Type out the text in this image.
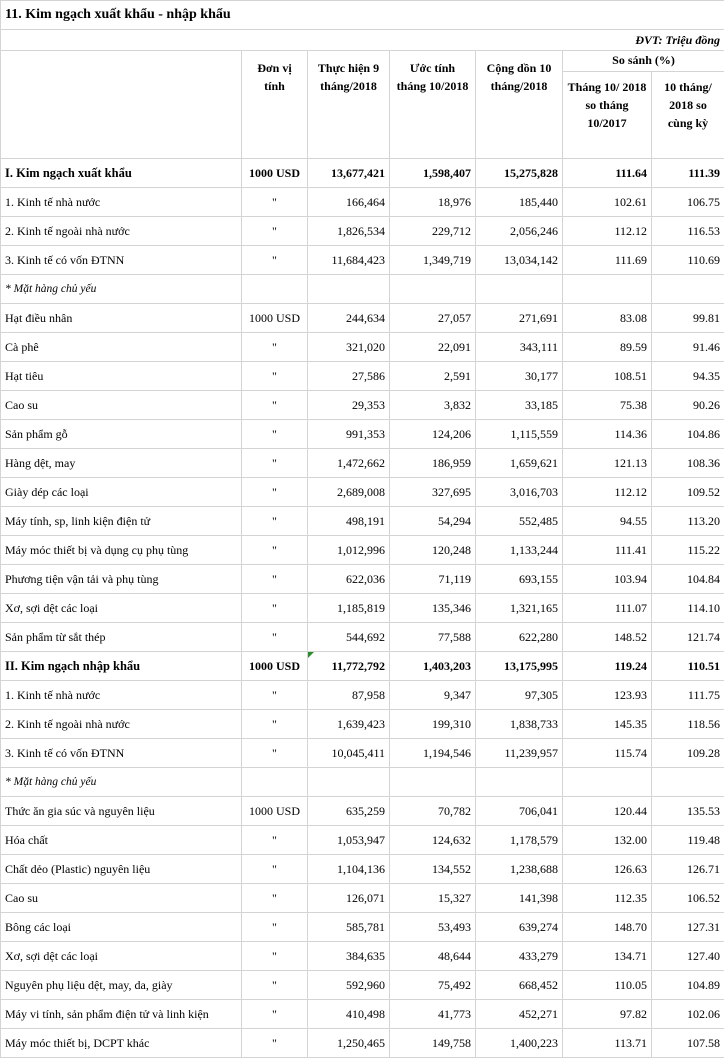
11. Kim ngạch xuất khẩu - nhập khẩu						
ĐVT: Triệu đồng						
	Đơn vị tính	Thực hiện 9 tháng/2018	Ước tính tháng 10/2018	Cộng dồn 10 tháng/2018	So sánh (%)	
					Tháng 10/ 2018 so tháng 10/2017	10 tháng/ 2018 so cùng kỳ
I. Kim ngạch xuất khẩu	1000 USD	13,677,421	1,598,407	15,275,828	111.64	111.39
1. Kinh tế nhà nước	"	166,464	18,976	185,440	102.61	106.75
2. Kinh tế ngoài nhà nước	"	1,826,534	229,712	2,056,246	112.12	116.53
3. Kinh tế có vốn ĐTNN	"	11,684,423	1,349,719	13,034,142	111.69	110.69
* Mặt hàng chủ yếu						
Hạt điều nhân	1000 USD	244,634	27,057	271,691	83.08	99.81
Cà phê	"	321,020	22,091	343,111	89.59	91.46
Hạt tiêu	"	27,586	2,591	30,177	108.51	94.35
Cao su	"	29,353	3,832	33,185	75.38	90.26
Sản phẩm gỗ	"	991,353	124,206	1,115,559	114.36	104.86
Hàng dệt, may	"	1,472,662	186,959	1,659,621	121.13	108.36
Giày dép các loại	"	2,689,008	327,695	3,016,703	112.12	109.52
Máy tính, sp, linh kiện điện tử	"	498,191	54,294	552,485	94.55	113.20
Máy móc thiết bị và dụng cụ phụ tùng	"	1,012,996	120,248	1,133,244	111.41	115.22
Phương tiện vận tải và phụ tùng	"	622,036	71,119	693,155	103.94	104.84
Xơ, sợi dệt các loại	"	1,185,819	135,346	1,321,165	111.07	114.10
Sản phẩm từ sắt thép	"	544,692	77,588	622,280	148.52	121.74
II. Kim ngạch nhập khẩu	1000 USD	11,772,792	1,403,203	13,175,995	119.24	110.51
1. Kinh tế nhà nước	"	87,958	9,347	97,305	123.93	111.75
2. Kinh tế ngoài nhà nước	"	1,639,423	199,310	1,838,733	145.35	118.56
3. Kinh tế có vốn ĐTNN	"	10,045,411	1,194,546	11,239,957	115.74	109.28
* Mặt hàng chủ yếu						
Thức ăn gia súc và nguyên liệu	1000 USD	635,259	70,782	706,041	120.44	135.53
Hóa chất	"	1,053,947	124,632	1,178,579	132.00	119.48
Chất dẻo (Plastic) nguyên liệu	"	1,104,136	134,552	1,238,688	126.63	126.71
Cao su	"	126,071	15,327	141,398	112.35	106.52
Bông các loại	"	585,781	53,493	639,274	148.70	127.31
Xơ, sợi dệt các loại	"	384,635	48,644	433,279	134.71	127.40
Nguyên phụ liệu dệt, may, da, giày	"	592,960	75,492	668,452	110.05	104.89
Máy vi tính, sản phẩm điện tử và linh kiện	"	410,498	41,773	452,271	97.82	102.06
Máy móc thiết bị, DCPT khác	"	1,250,465	149,758	1,400,223	113.71	107.58
